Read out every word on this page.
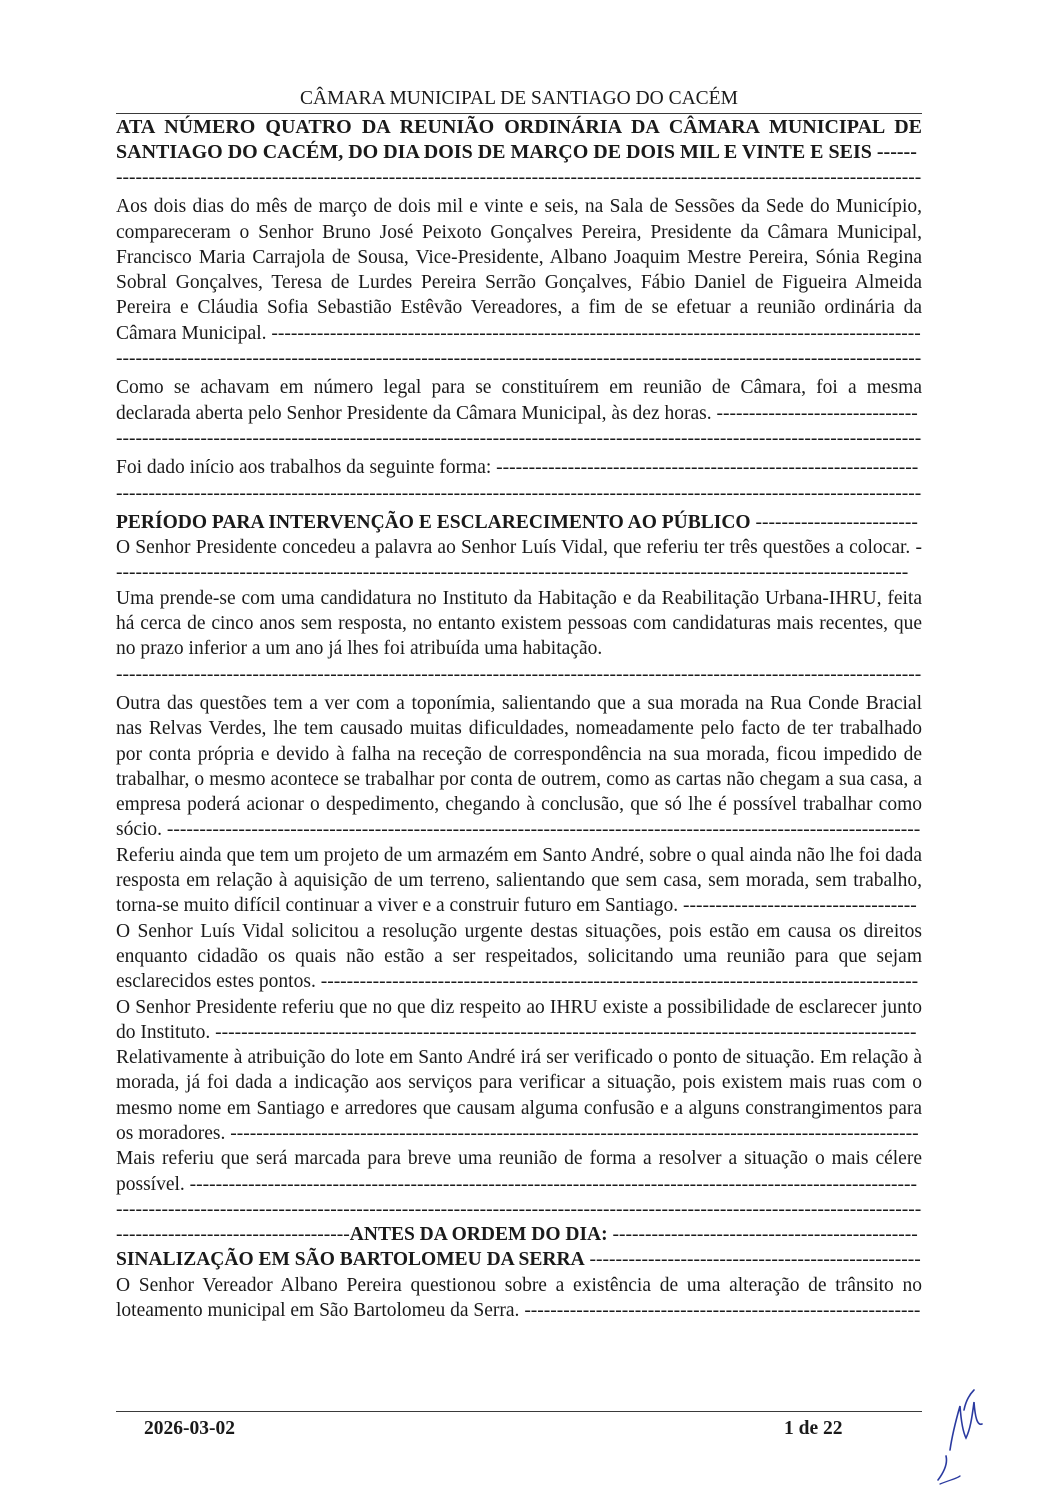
CÂMARA MUNICIPAL DE SANTIAGO DO CACÉM

ATA NÚMERO QUATRO DA REUNIÃO ORDINÁRIA DA CÂMARA MUNICIPAL DE SANTIAGO DO CACÉM, DO DIA DOIS DE MARÇO DE DOIS MIL E VINTE E SEIS ------

-----

Aos dois dias do mês de março de dois mil e vinte e seis, na Sala de Sessões da Sede do Município, compareceram o Senhor Bruno José Peixoto Gonçalves Pereira, Presidente da Câmara Municipal, Francisco Maria Carrajola de Sousa, Vice-Presidente, Albano Joaquim Mestre Pereira, Sónia Regina Sobral Gonçalves, Teresa de Lurdes Pereira Serrão Gonçalves, Fábio Daniel de Figueira Almeida Pereira e Cláudia Sofia Sebastião Estêvão Vereadores, a fim de se efetuar a reunião ordinária da Câmara Municipal. ----------------------------------------------------------------------------------------------------

-----

Como se achavam em número legal para se constituírem em reunião de Câmara, foi a mesma declarada aberta pelo Senhor Presidente da Câmara Municipal, às dez horas. -------------------------------

-----

Foi dado início aos trabalhos da seguinte forma: -----------------------------------------------------------------

-----

PERÍODO PARA INTERVENÇÃO E ESCLARECIMENTO AO PÚBLICO -------------------------

O Senhor Presidente concedeu a palavra ao Senhor Luís Vidal, que referiu ter três questões a colocar. ---------------------------------------------------------------------------------------------------------------------------

Uma prende-se com uma candidatura no Instituto da Habitação e da Reabilitação Urbana-IHRU, feita há cerca de cinco anos sem resposta, no entanto existem pessoas com candidaturas mais recentes, que no prazo inferior a um ano já lhes foi atribuída uma habitação.

-----

Outra das questões tem a ver com a toponímia, salientando que a sua morada na Rua Conde Bracial nas Relvas Verdes, lhe tem causado muitas dificuldades, nomeadamente pelo facto de ter trabalhado por conta própria e devido à falha na receção de correspondência na sua morada, ficou impedido de trabalhar, o mesmo acontece se trabalhar por conta de outrem, como as cartas não chegam a sua casa, a empresa poderá acionar o despedimento, chegando à conclusão, que só lhe é possível trabalhar como sócio. --------------------------------------------------------------------------------------------------------------------

Referiu ainda que tem um projeto de um armazém em Santo André, sobre o qual ainda não lhe foi dada resposta em relação à aquisição de um terreno, salientando que sem casa, sem morada, sem trabalho, torna-se muito difícil continuar a viver e a construir futuro em Santiago. ------------------------------------

O Senhor Luís Vidal solicitou a resolução urgente destas situações, pois estão em causa os direitos enquanto cidadão os quais não estão a ser respeitados, solicitando uma reunião para que sejam esclarecidos estes pontos. --------------------------------------------------------------------------------------------

O Senhor Presidente referiu que no que diz respeito ao IHRU existe a possibilidade de esclarecer junto do Instituto. ------------------------------------------------------------------------------------------------------------

Relativamente à atribuição do lote em Santo André irá ser verificado o ponto de situação. Em relação à morada, já foi dada a indicação aos serviços para verificar a situação, pois existem mais ruas com o mesmo nome em Santiago e arredores que causam alguma confusão e a alguns constrangimentos para os moradores. ----------------------------------------------------------------------------------------------------------

Mais referiu que será marcada para breve uma reunião de forma a resolver a situação o mais célere possível. ----------------------------------------------------------------------------------------------------------------

-----

------------------------------------ANTES DA ORDEM DO DIA: -----------------------------------------------

SINALIZAÇÃO EM SÃO BARTOLOMEU DA SERRA ---------------------------------------------------

O Senhor Vereador Albano Pereira questionou sobre a existência de uma alteração de trânsito no loteamento municipal em São Bartolomeu da Serra. -------------------------------------------------------------

2026-03-02	1 de 22
